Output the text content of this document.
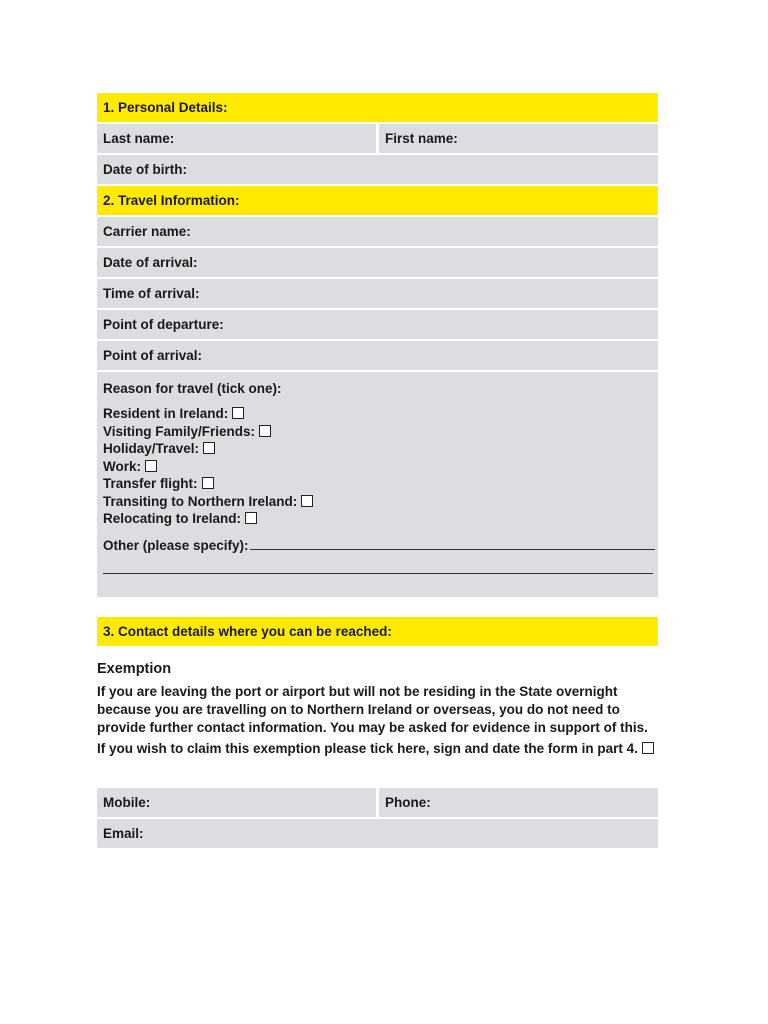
1. Personal Details:
Last name:	First name:
Date of birth:
2. Travel Information:
Carrier name:
Date of arrival:
Time of arrival:
Point of departure:
Point of arrival:
Reason for travel (tick one):
Resident in Ireland:
Visiting Family/Friends:
Holiday/Travel:
Work:
Transfer flight:
Transiting to Northern Ireland:
Relocating to Ireland:
Other (please specify):
3. Contact details where you can be reached:
Exemption
If you are leaving the port or airport but will not be residing in the State overnight because you are travelling on to Northern Ireland or overseas, you do not need to provide further contact information. You may be asked for evidence in support of this.
If you wish to claim this exemption please tick here, sign and date the form in part 4.
Mobile:	Phone:
Email:
